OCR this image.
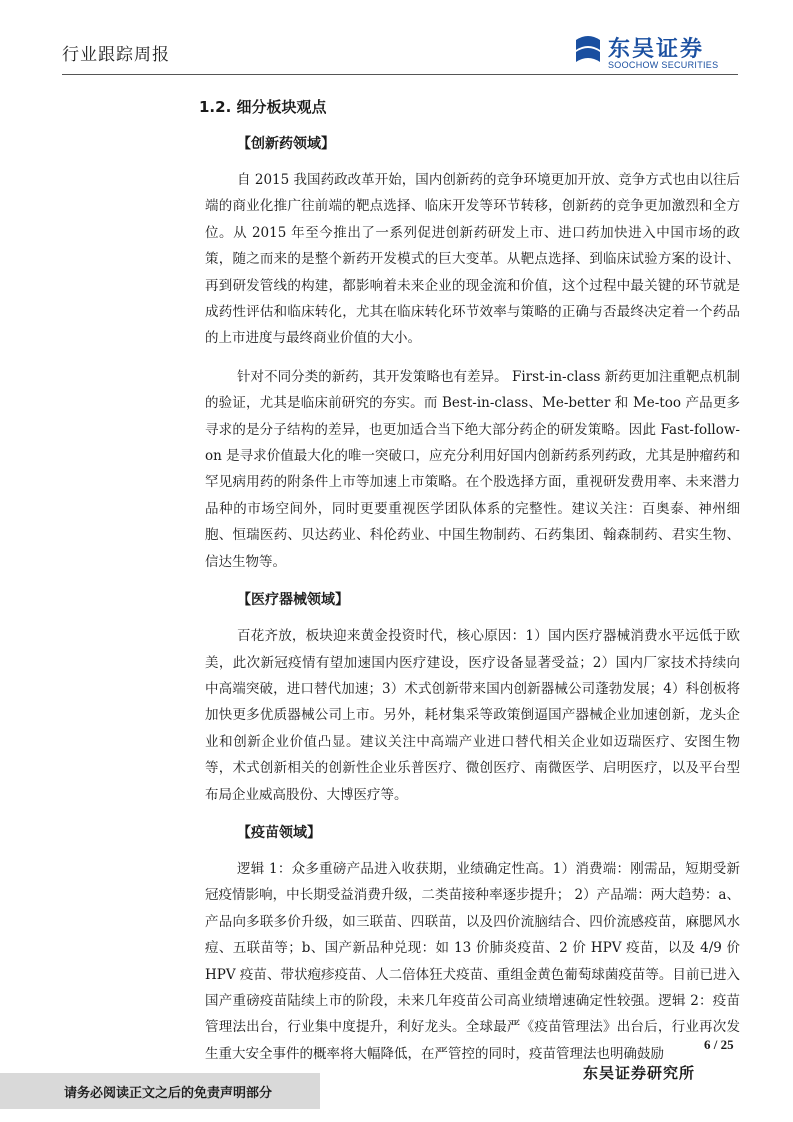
行业跟踪周报	东吴证券
SOOCHOW SECURITIES
1.2. 细分板块观点
【创新药领域】

自 2015 我国药政改革开始，国内创新药的竞争环境更加开放、竞争方式也由以往后端的商业化推广往前端的靶点选择、临床开发等环节转移，创新药的竞争更加激烈和全方位。从 2015 年至今推出了一系列促进创新药研发上市、进口药加快进入中国市场的政策，随之而来的是整个新药开发模式的巨大变革。从靶点选择、到临床试验方案的设计、再到研发管线的构建，都影响着未来企业的现金流和价值，这个过程中最关键的环节就是成药性评估和临床转化，尤其在临床转化环节效率与策略的正确与否最终决定着一个药品的上市进度与最终商业价值的大小。

针对不同分类的新药，其开发策略也有差异。 First-in-class 新药更加注重靶点机制的验证，尤其是临床前研究的夯实。而 Best-in-class、Me-better 和 Me-too 产品更多寻求的是分子结构的差异，也更加适合当下绝大部分药企的研发策略。因此 Fast-follow-on 是寻求价值最大化的唯一突破口，应充分利用好国内创新药系列药政，尤其是肿瘤药和罕见病用药的附条件上市等加速上市策略。在个股选择方面，重视研发费用率、未来潜力品种的市场空间外，同时更要重视医学团队体系的完整性。建议关注：百奥泰、神州细胞、恒瑞医药、贝达药业、科伦药业、中国生物制药、石药集团、翰森制药、君实生物、信达生物等。

【医疗器械领域】

百花齐放，板块迎来黄金投资时代，核心原因：1）国内医疗器械消费水平远低于欧美，此次新冠疫情有望加速国内医疗建设，医疗设备显著受益；2）国内厂家技术持续向中高端突破，进口替代加速；3）术式创新带来国内创新器械公司蓬勃发展；4）科创板将加快更多优质器械公司上市。另外，耗材集采等政策倒逼国产器械企业加速创新，龙头企业和创新企业价值凸显。建议关注中高端产业进口替代相关企业如迈瑞医疗、安图生物等，术式创新相关的创新性企业乐普医疗、微创医疗、南微医学、启明医疗，以及平台型布局企业威高股份、大博医疗等。

【疫苗领域】

逻辑 1：众多重磅产品进入收获期，业绩确定性高。1）消费端：刚需品，短期受新冠疫情影响，中长期受益消费升级，二类苗接种率逐步提升； 2）产品端：两大趋势：a、产品向多联多价升级，如三联苗、四联苗，以及四价流脑结合、四价流感疫苗，麻腮风水痘、五联苗等；b、国产新品种兑现：如 13 价肺炎疫苗、2 价 HPV 疫苗，以及 4/9 价 HPV 疫苗、带状疱疹疫苗、人二倍体狂犬疫苗、重组金黄色葡萄球菌疫苗等。目前已进入国产重磅疫苗陆续上市的阶段，未来几年疫苗公司高业绩增速确定性较强。逻辑 2：疫苗管理法出台，行业集中度提升，利好龙头。全球最严《疫苗管理法》出台后，行业再次发生重大安全事件的概率将大幅降低，在严管控的同时，疫苗管理法也明确鼓励

6 / 25
东吴证券研究所
请务必阅读正文之后的免责声明部分
